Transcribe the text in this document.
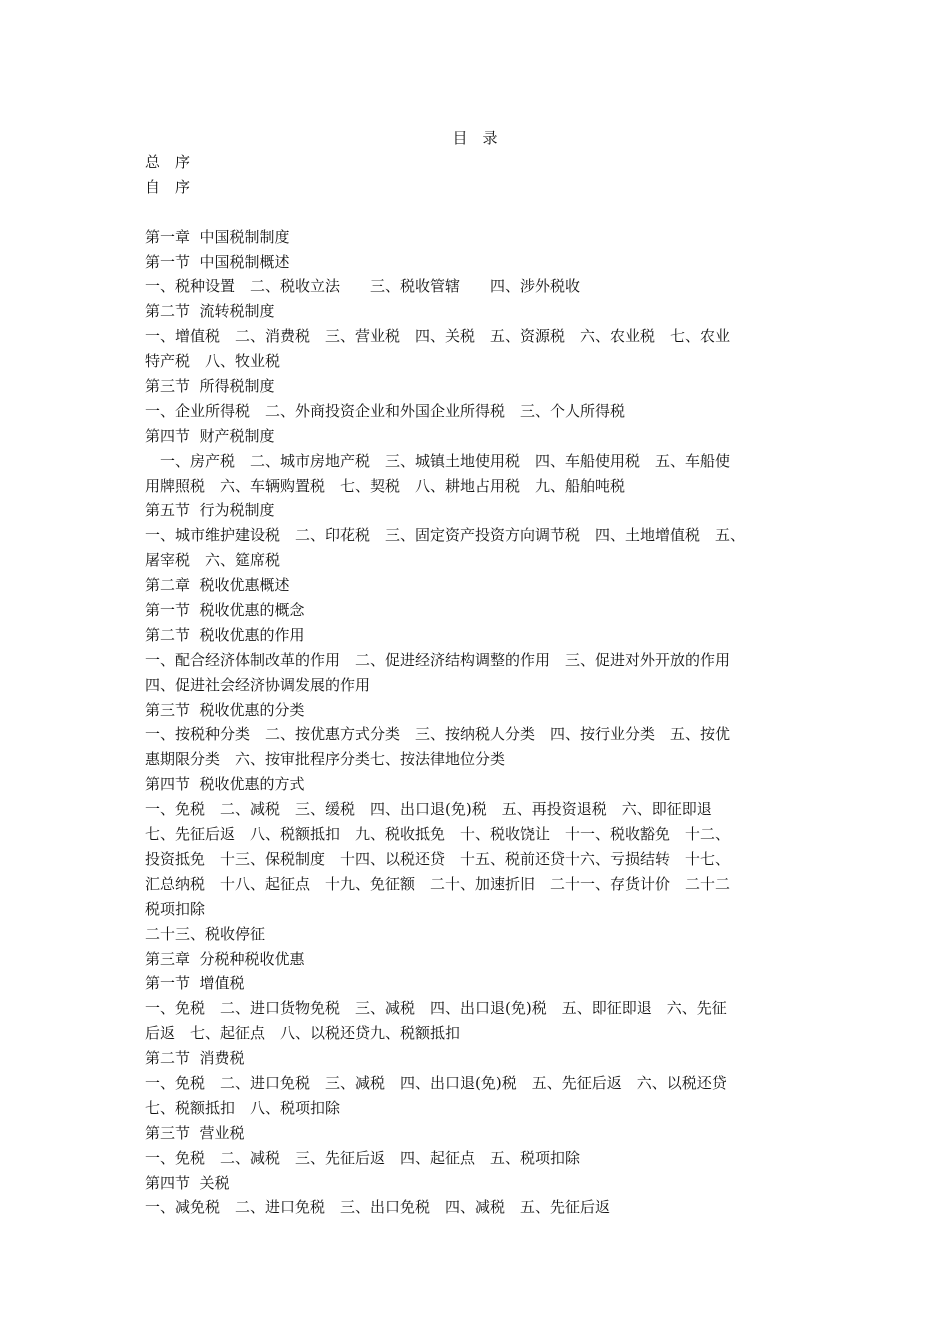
目　录
总　序
自　序
第一章  中国税制制度
第一节  中国税制概述
一、税种设置　二、税收立法　　三、税收管辖　　四、涉外税收
第二节  流转税制度
一、增值税　二、消费税　三、营业税　四、关税　五、资源税　六、农业税　七、农业
特产税　八、牧业税
第三节  所得税制度
一、企业所得税　二、外商投资企业和外国企业所得税　三、个人所得税
第四节  财产税制度
　一、房产税　二、城市房地产税　三、城镇土地使用税　四、车船使用税　五、车船使
用牌照税　六、车辆购置税　七、契税　八、耕地占用税　九、船舶吨税
第五节  行为税制度
一、城市维护建设税　二、印花税　三、固定资产投资方向调节税　四、土地增值税　五、
屠宰税　六、筵席税
第二章  税收优惠概述
第一节  税收优惠的概念
第二节  税收优惠的作用
一、配合经济体制改革的作用　二、促进经济结构调整的作用　三、促进对外开放的作用
四、促进社会经济协调发展的作用
第三节  税收优惠的分类
一、按税种分类　二、按优惠方式分类　三、按纳税人分类　四、按行业分类　五、按优
惠期限分类　六、按审批程序分类七、按法律地位分类
第四节  税收优惠的方式
一、免税　二、减税　三、缓税　四、出口退(免)税　五、再投资退税　六、即征即退
七、先征后返　八、税额抵扣　九、税收抵免　十、税收饶让　十一、税收豁免　十二、
投资抵免　十三、保税制度　十四、以税还贷　十五、税前还贷十六、亏损结转　十七、
汇总纳税　十八、起征点　十九、免征额　二十、加速折旧　二十一、存货计价　二十二
税项扣除
二十三、税收停征
第三章  分税种税收优惠
第一节  增值税
一、免税　二、进口货物免税　三、减税　四、出口退(免)税　五、即征即退　六、先征
后返　七、起征点　八、以税还贷九、税额抵扣
第二节  消费税
一、免税　二、进口免税　三、减税　四、出口退(免)税　五、先征后返　六、以税还贷
七、税额抵扣　八、税项扣除
第三节  营业税
一、免税　二、减税　三、先征后返　四、起征点　五、税项扣除
第四节  关税
一、减免税　二、进口免税　三、出口免税　四、减税　五、先征后返
